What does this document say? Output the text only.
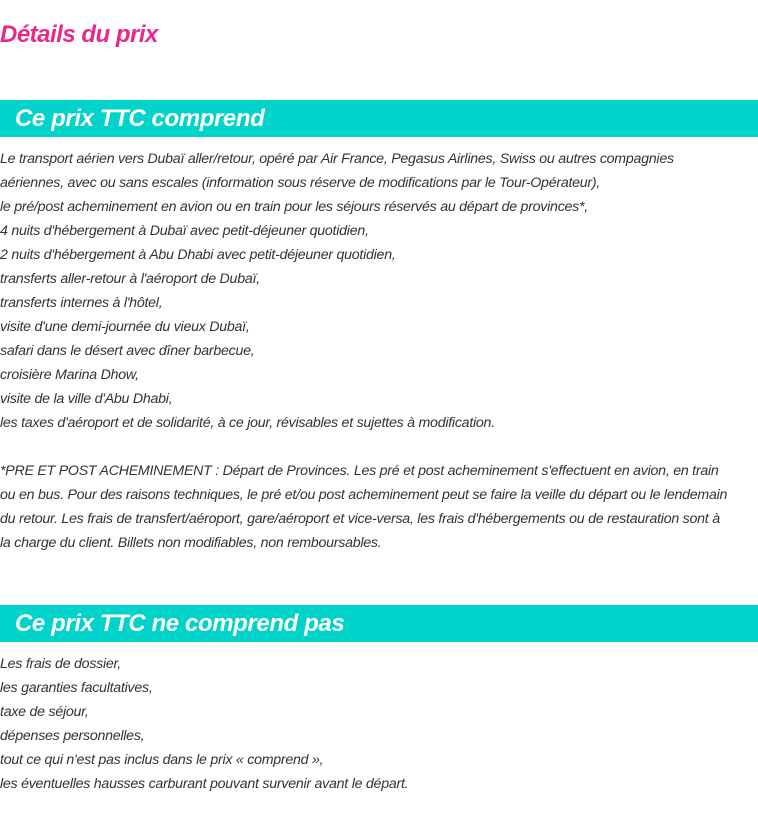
Détails du prix
Ce prix TTC comprend
Le transport aérien vers Dubaï aller/retour, opéré par Air France, Pegasus Airlines, Swiss ou autres compagnies
aériennes, avec ou sans escales (information sous réserve de modifications par le Tour-Opérateur),
le pré/post acheminement en avion ou en train pour les séjours réservés au départ de provinces*,
4 nuits d'hébergement à Dubaï avec petit-déjeuner quotidien,
2 nuits d'hébergement à Abu Dhabi avec petit-déjeuner quotidien,
transferts aller-retour à l'aéroport de Dubaï,
transferts internes à l'hôtel,
visite d'une demi-journée du vieux Dubaï,
safari dans le désert avec dîner barbecue,
croisière Marina Dhow,
visite de la ville d'Abu Dhabi,
les taxes d'aéroport et de solidarité, à ce jour, révisables et sujettes à modification.
*PRE ET POST ACHEMINEMENT : Départ de Provinces. Les pré et post acheminement s'effectuent en avion, en train
ou en bus. Pour des raisons techniques, le pré et/ou post acheminement peut se faire la veille du départ ou le lendemain
du retour. Les frais de transfert/aéroport, gare/aéroport et vice-versa, les frais d'hébergements ou de restauration sont à
la charge du client. Billets non modifiables, non remboursables.
Ce prix TTC ne comprend pas
Les frais de dossier,
les garanties facultatives,
taxe de séjour,
dépenses personnelles,
tout ce qui n'est pas inclus dans le prix « comprend »,
les éventuelles hausses carburant pouvant survenir avant le départ.
